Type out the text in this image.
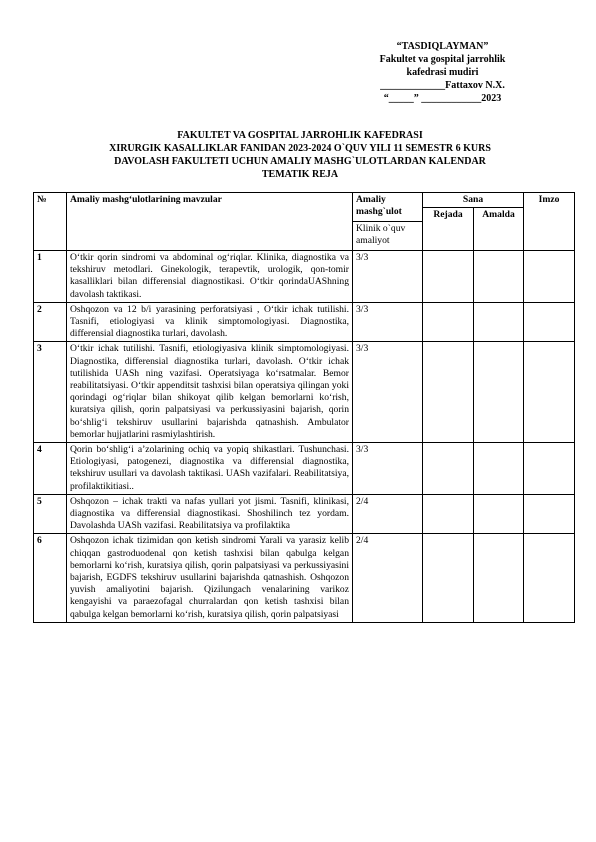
“TASDIQLAYMAN”
Fakultet va gospital jarrohlik
kafedrasi mudiri
_____________Fattaxov N.X.
“_____” ____________2023
FAKULTET VA GOSPITAL JARROHLIK KAFEDRASI
XIRURGIK KASALLIKLAR FANIDAN 2023-2024 O`QUV YILI 11 SEMESTR 6 KURS
DAVOLASH FAKULTETI UCHUN AMALIY MASHG`ULOTLARDAN KALENDAR
TEMATIK REJA
№	Amaliy mashg‘ulotlarining mavzular	Amaliy mashg`ulot	Sana		Imzo
			Rejada	Amalda	
		Klinik o`quv amaliyot			
1	O‘tkir qorin sindromi va abdominal og‘riqlar. Klinika, diagnostika va tekshiruv metodlari. Ginekologik, terapevtik, urologik, qon-tomir kasalliklari bilan differensial diagnostikasi. O‘tkir qorindaUAShning davolash taktikasi.	3/3			
2	Oshqozon va 12 b/i yarasining perforatsiyasi , O‘tkir ichak tutilishi. Tasnifi, etiologiyasi va klinik simptomologiyasi. Diagnostika, differensial diagnostika turlari, davolash.	3/3			
3	O‘tkir ichak tutilishi. Tasnifi, etiologiyasiva klinik simptomologiyasi. Diagnostika, differensial diagnostika turlari, davolash. O‘tkir ichak tutilishida UASh ning vazifasi. Operatsiyaga ko‘rsatmalar. Bemor reabilitatsiyasi. O‘tkir appenditsit tashxisi bilan operatsiya qilingan yoki qorindagi og‘riqlar bilan shikoyat qilib kelgan bemorlarni ko‘rish, kuratsiya qilish, qorin palpatsiyasi va perkussiyasini bajarish, qorin bo‘shlig‘i tekshiruv usullarini bajarishda qatnashish. Ambulator bemorlar hujjatlarini rasmiylashtirish.	3/3			
4	Qorin bo‘shlig‘i a’zolarining ochiq va yopiq shikastlari. Tushunchasi. Etiologiyasi, patogenezi, diagnostika va differensial diagnostika, tekshiruv usullari va davolash taktikasi. UASh vazifalari. Reabilitatsiya, profilaktikitiasi..	3/3			
5	Oshqozon – ichak trakti va nafas yullari yot jismi. Tasnifi, klinikasi, diagnostika va differensial diagnostikasi. Shoshilinch tez yordam. Davolashda UASh vazifasi. Reabilitatsiya va profilaktika	2/4			
6	Oshqozon ichak tizimidan qon ketish sindromi Yarali va yarasiz kelib chiqqan gastroduodenal qon ketish tashxisi bilan qabulga kelgan bemorlarni ko‘rish, kuratsiya qilish, qorin palpatsiyasi va perkussiyasini bajarish, EGDFS tekshiruv usullarini bajarishda qatnashish. Oshqozon yuvish amaliyotini bajarish. Qizilungach venalarining varikoz kengayishi va paraezofagal churralardan qon ketish tashxisi bilan qabulga kelgan bemorlarni ko‘rish, kuratsiya qilish, qorin palpatsiyasi	2/4			
